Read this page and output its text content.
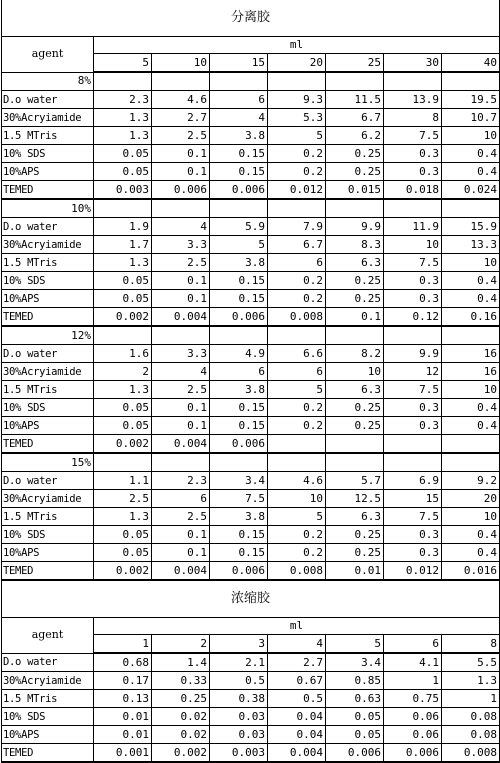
分离胶							
agent	ml						
	5	10	15	20	25	30	40
8%							
D.o water	2.3	4.6	6	9.3	11.5	13.9	19.5
30%Acryiamide	1.3	2.7	4	5.3	6.7	8	10.7
1.5 MTris	1.3	2.5	3.8	5	6.2	7.5	10
10% SDS	0.05	0.1	0.15	0.2	0.25	0.3	0.4
10%APS	0.05	0.1	0.15	0.2	0.25	0.3	0.4
TEMED	0.003	0.006	0.006	0.012	0.015	0.018	0.024
10%							
D.o water	1.9	4	5.9	7.9	9.9	11.9	15.9
30%Acryiamide	1.7	3.3	5	6.7	8.3	10	13.3
1.5 MTris	1.3	2.5	3.8	6	6.3	7.5	10
10% SDS	0.05	0.1	0.15	0.2	0.25	0.3	0.4
10%APS	0.05	0.1	0.15	0.2	0.25	0.3	0.4
TEMED	0.002	0.004	0.006	0.008	0.1	0.12	0.16
12%							
D.o water	1.6	3.3	4.9	6.6	8.2	9.9	16
30%Acryiamide	2	4	6	6	10	12	16
1.5 MTris	1.3	2.5	3.8	5	6.3	7.5	10
10% SDS	0.05	0.1	0.15	0.2	0.25	0.3	0.4
10%APS	0.05	0.1	0.15	0.2	0.25	0.3	0.4
TEMED	0.002	0.004	0.006				
15%							
D.o water	1.1	2.3	3.4	4.6	5.7	6.9	9.2
30%Acryiamide	2.5	6	7.5	10	12.5	15	20
1.5 MTris	1.3	2.5	3.8	5	6.3	7.5	10
10% SDS	0.05	0.1	0.15	0.2	0.25	0.3	0.4
10%APS	0.05	0.1	0.15	0.2	0.25	0.3	0.4
TEMED	0.002	0.004	0.006	0.008	0.01	0.012	0.016
浓缩胶							
agent	ml						
	1	2	3	4	5	6	8
D.o water	0.68	1.4	2.1	2.7	3.4	4.1	5.5
30%Acryiamide	0.17	0.33	0.5	0.67	0.85	1	1.3
1.5 MTris	0.13	0.25	0.38	0.5	0.63	0.75	1
10% SDS	0.01	0.02	0.03	0.04	0.05	0.06	0.08
10%APS	0.01	0.02	0.03	0.04	0.05	0.06	0.08
TEMED	0.001	0.002	0.003	0.004	0.006	0.006	0.008
